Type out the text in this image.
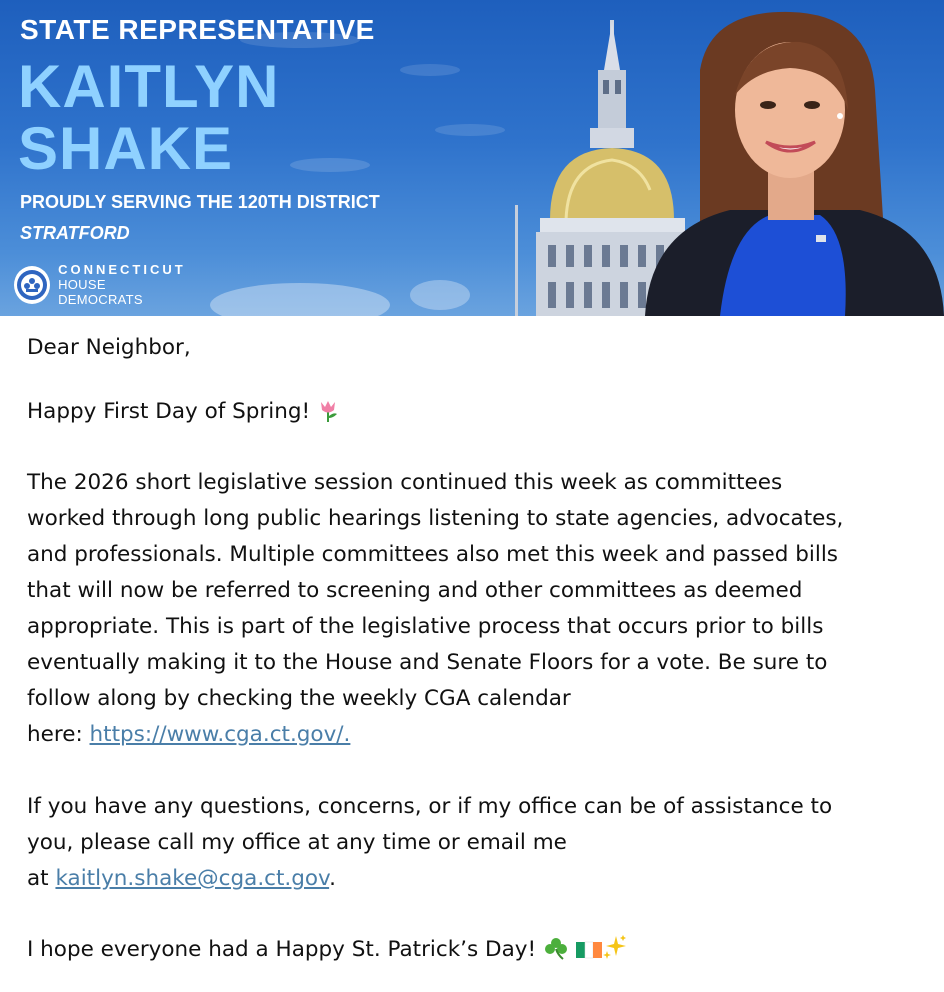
STATE REPRESENTATIVE
KAITLYN
SHAKE
PROUDLY SERVING THE 120TH DISTRICT
STRATFORD
CONNECTICUT
HOUSE DEMOCRATS

Dear Neighbor,

Happy First Day of Spring!

The 2026 short legislative session continued this week as committees
worked through long public hearings listening to state agencies, advocates,
and professionals. Multiple committees also met this week and passed bills
that will now be referred to screening and other committees as deemed
appropriate. This is part of the legislative process that occurs prior to bills
eventually making it to the House and Senate Floors for a vote. Be sure to
follow along by checking the weekly CGA calendar
here: https://www.cga.ct.gov/.
If you have any questions, concerns, or if my office can be of assistance to
you, please call my office at any time or email me
at kaitlyn.shake@cga.ct.gov.

I hope everyone had a Happy St. Patrick’s Day!
